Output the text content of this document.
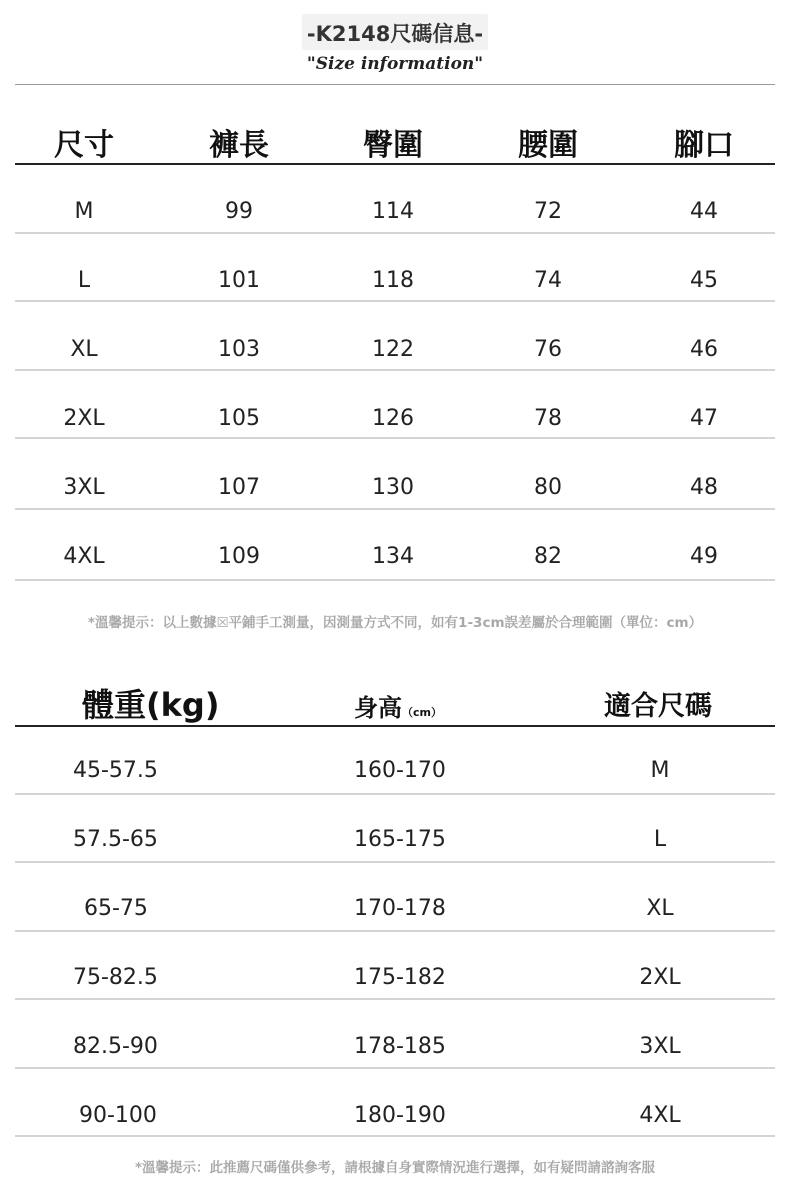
-K2148尺碼信息-
"Size information"
尺寸	褲長	臀圍	腰圍	腳口
M	99	114	72	44
L	101	118	74	45
XL	103	122	76	46
2XL	105	126	78	47
3XL	107	130	80	48
4XL	109	134	82	49
*溫馨提示：以上數據☒平鋪手工測量，因測量方式不同，如有1-3cm誤差屬於合理範圍（單位：cm）
體重(kg)	身高（cm）	適合尺碼
45-57.5	160-170	M
57.5-65	165-175	L
65-75	170-178	XL
75-82.5	175-182	2XL
82.5-90	178-185	3XL
90-100	180-190	4XL
*溫馨提示：此推薦尺碼僅供參考，請根據自身實際情況進行選擇，如有疑問請諮詢客服
